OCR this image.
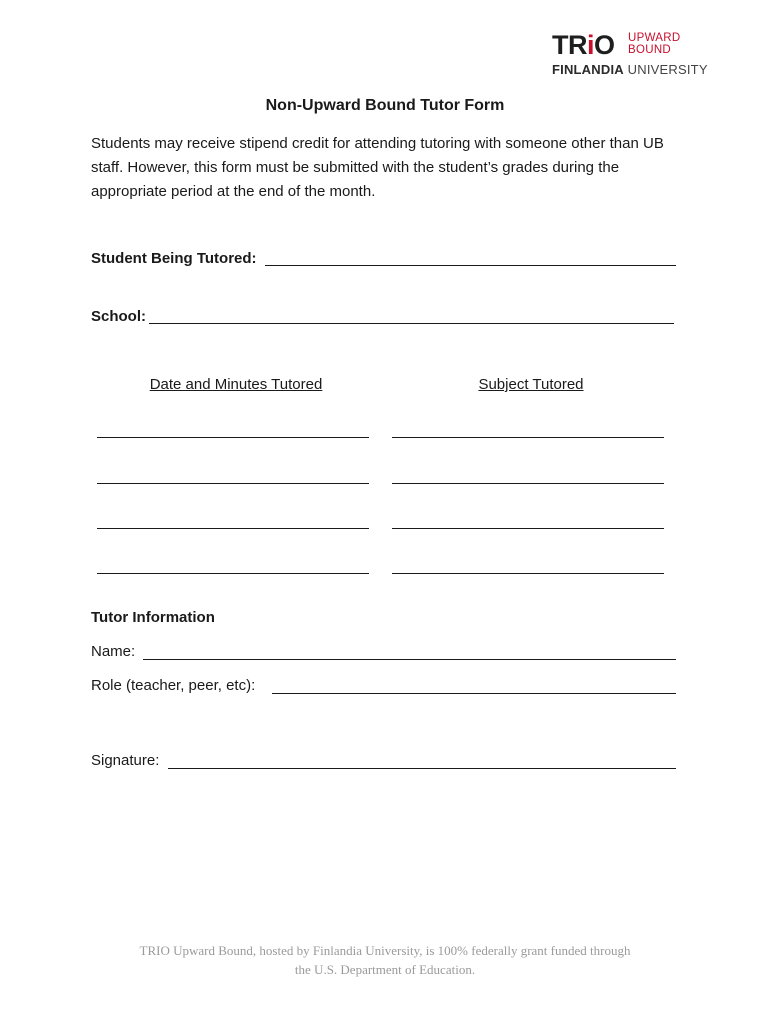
TRiO UPWARD
BOUND
FINLANDIA UNIVERSITY
Non-Upward Bound Tutor Form
Students may receive stipend credit for attending tutoring with someone other than UB staff. However, this form must be submitted with the student’s grades during the appropriate period at the end of the month.
Student Being Tutored:
School:
Date and Minutes Tutored	Subject Tutored
Tutor Information
Name:
Role (teacher, peer, etc):
Signature:
TRIO Upward Bound, hosted by Finlandia University, is 100% federally grant funded through
the U.S. Department of Education.
